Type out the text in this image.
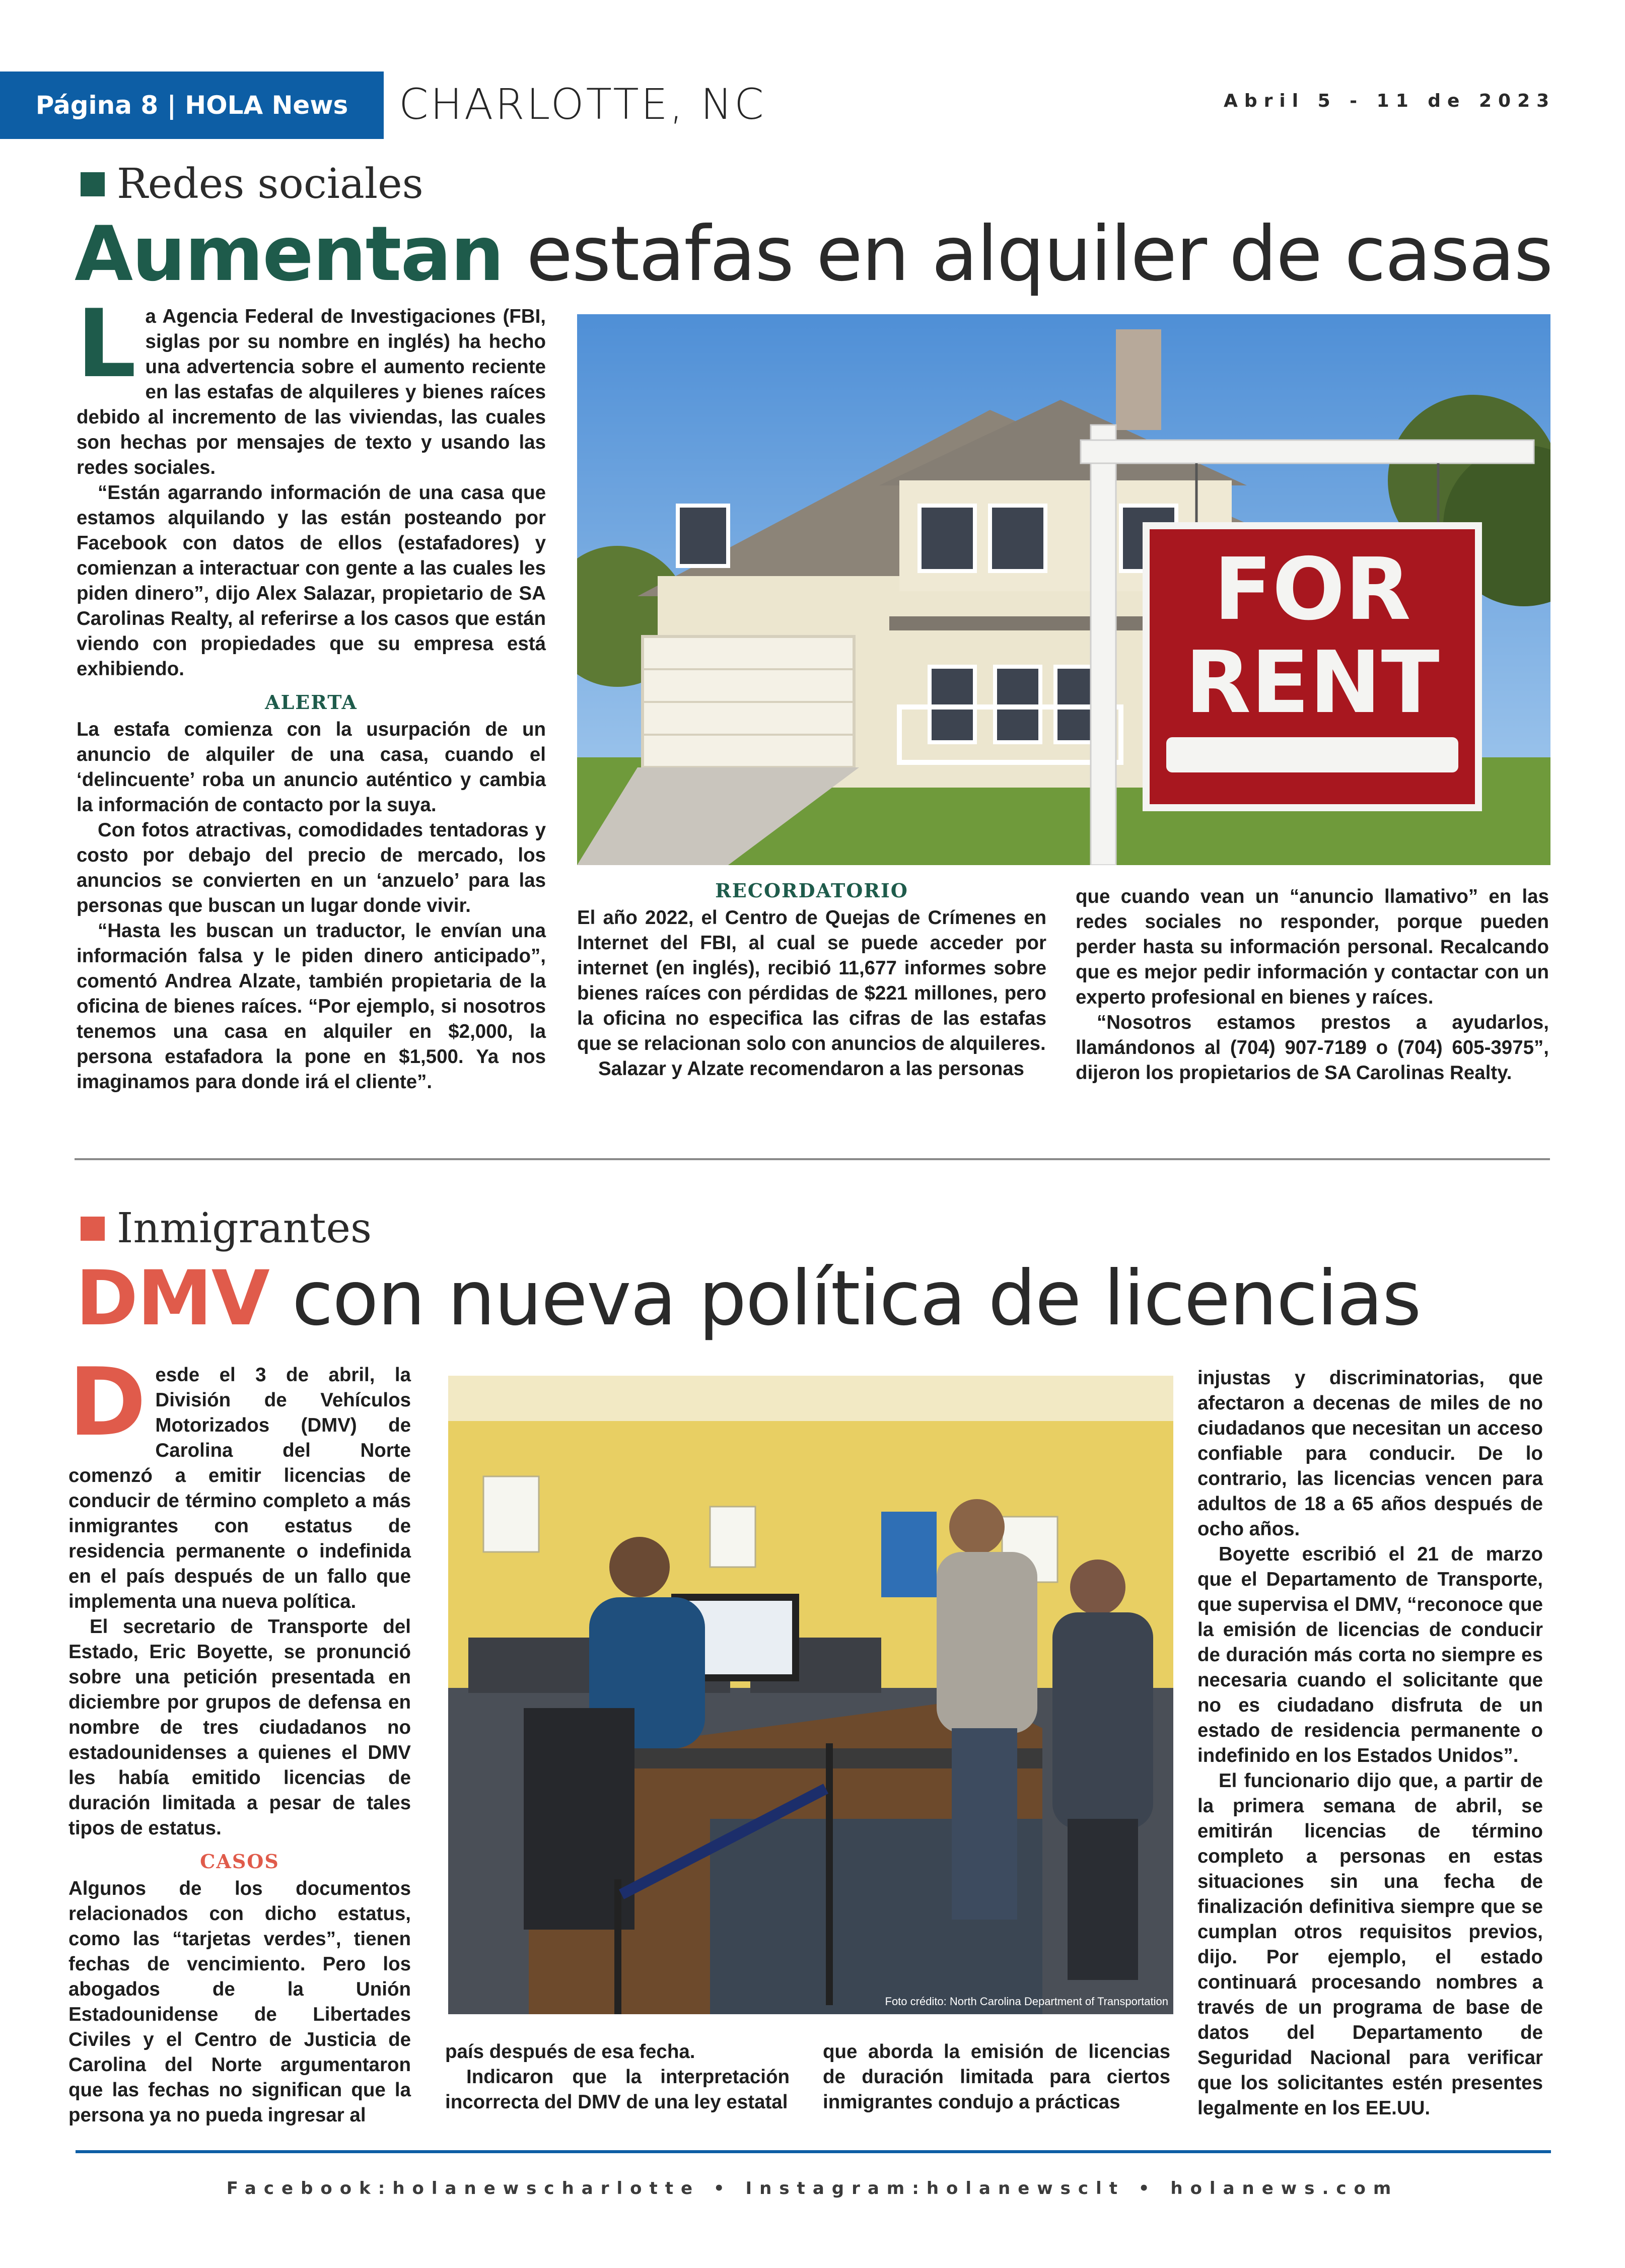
Página 8 | HOLA News	CHARLOTTE, NC	Abril 5 - 11 de 2023
Redes sociales
Aumentan estafas en alquiler de casas
L a Agencia Federal de Investigaciones (FBI, siglas por su nombre en inglés) ha hecho una advertencia sobre el aumento reciente en las estafas de alquileres y bienes raíces debido al incremento de las viviendas, las cuales son hechas por mensajes de texto y usando las redes sociales.

“Están agarrando información de una casa que estamos alquilando y las están posteando por Facebook con datos de ellos (estafadores) y comienzan a interactuar con gente a las cuales les piden dinero”, dijo Alex Salazar, propietario de SA Carolinas Realty, al referirse a los casos que están viendo con propiedades que su empresa está exhibiendo.

ALERTA

La estafa comienza con la usurpación de un anuncio de alquiler de una casa, cuando el ‘delincuente’ roba un anuncio auténtico y cambia la información de contacto por la suya.

Con fotos atractivas, comodidades tentadoras y costo por debajo del precio de mercado, los anuncios se convierten en un ‘anzuelo’ para las personas que buscan un lugar donde vivir.

“Hasta les buscan un traductor, le envían una información falsa y le piden dinero anticipado”, comentó Andrea Alzate, también propietaria de la oficina de bienes raíces. “Por ejemplo, si nosotros tenemos una casa en alquiler en $2,000, la persona estafadora la pone en $1,500. Ya nos imaginamos para donde irá el cliente”.

FOR
RENT
RECORDATORIO

El año 2022, el Centro de Quejas de Crímenes en Internet del FBI, al cual se puede acceder por internet (en inglés), recibió 11,677 informes sobre bienes raíces con pérdidas de $221 millones, pero la oficina no especifica las cifras de las estafas que se relacionan solo con anuncios de alquileres.

Salazar y Alzate recomendaron a las personas

que cuando vean un “anuncio llamativo” en las redes sociales no responder, porque pueden perder hasta su información personal. Recalcando que es mejor pedir información y contactar con un experto profesional en bienes y raíces.

“Nosotros estamos prestos a ayudarlos, llamándonos al (704) 907-7189 o (704) 605-3975”, dijeron los propietarios de SA Carolinas Realty.

Inmigrantes
DMV con nueva política de licencias
D esde el 3 de abril, la División de Vehículos Motorizados (DMV) de Carolina del Norte comenzó a emitir licencias de conducir de término completo a más inmigrantes con estatus de residencia permanente o indefinida en el país después de un fallo que implementa una nueva política.

El secretario de Transporte del Estado, Eric Boyette, se pronunció sobre una petición presentada en diciembre por grupos de defensa en nombre de tres ciudadanos no estadounidenses a quienes el DMV les había emitido licencias de duración limitada a pesar de tales tipos de estatus.

CASOS

Algunos de los documentos relacionados con dicho estatus, como las “tarjetas verdes”, tienen fechas de vencimiento. Pero los abogados de la Unión Estadounidense de Libertades Civiles y el Centro de Justicia de Carolina del Norte argumentaron que las fechas no significan que la persona ya no pueda ingresar al

Foto crédito: North Carolina Department of Transportation

país después de esa fecha.

Indicaron que la interpretación incorrecta del DMV de una ley estatal

que aborda la emisión de licencias de duración limitada para ciertos inmigrantes condujo a prácticas

injustas y discriminatorias, que afectaron a decenas de miles de no ciudadanos que necesitan un acceso confiable para conducir. De lo contrario, las licencias vencen para adultos de 18 a 65 años después de ocho años.

Boyette escribió el 21 de marzo que el Departamento de Transporte, que supervisa el DMV, “reconoce que la emisión de licencias de conducir de duración más corta no siempre es necesaria cuando el solicitante que no es ciudadano disfruta de un estado de residencia permanente o indefinido en los Estados Unidos”.

El funcionario dijo que, a partir de la primera semana de abril, se emitirán licencias de término completo a personas en estas situaciones sin una fecha de finalización definitiva siempre que se cumplan otros requisitos previos, dijo. Por ejemplo, el estado continuará procesando nombres a través de un programa de base de datos del Departamento de Seguridad Nacional para verificar que los solicitantes estén presentes legalmente en los EE.UU.

Facebook:holanewscharlotte • Instagram:holanewsclt • holanews.com
